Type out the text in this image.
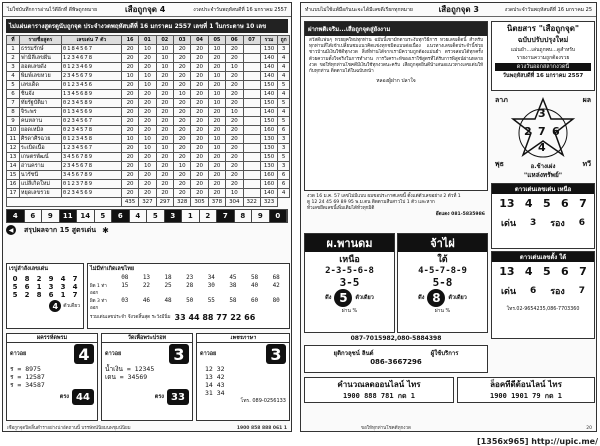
ไม่ใช่บันทึกการอ่านไว้ดีอีกที่ ดีพิษถูกหมาย	เสือถูกจุด 4	งวดประจำวันพฤหัสบดีที่ 16 มกราคม 2557
ไม่แผ่นตารางสูตรดูนับถูกจุด ประจำงวดพฤหัสบดีที่ 16 มกราคม 2557 เลขที่ 1 ในกระดาษ 10 เลข
ที่	รายชื่อสูตร	เลขเด่น 7 ตัว	16	01	02	03	04	05	06	07	รวม	ถูก
1	ธรรมรักษ์	0184567	20	10	10	20	20	10	20		130	3
2	ฟามิลี่เลขฝัน	1234678	20	20	10	20	20	20	20		140	4
3	ฮอตเลขดัง	0123469	20	20	10	20	20	20	10		140	4
4	พิมพ์เลขหวย	2345679	10	10	20	20	20	10	20		140	4
5	เลขเด็ด	0123456	20	10	20	20	20	20	20		150	5
6	ชินจัง	1345689	20	20	20	10	20	10	20		140	4
7	ทัยรัฐบัติมา	0234589	20	20	20	20	20	10	20		150	5
8	จิระพร	0134569	20	20	20	20	20	20	10		140	4
9	คนหลาน	0234567	20	20	20	20	20	20	20		150	5
10	ยอดเหมิล	0234578	20	20	20	20	20	20	20		160	6
11	ศิรดาศิรฉวย	0123458	10	10	20	20	20	10	20		130	3
12	ระเบิดเนื้อ	1234567	20	10	10	20	20	10	20		130	3
13	เกษตรพัฒน์	3456789	20	20	20	20	20	20	20		150	5
14	อ่านคราม	2345678	20	10	20	10	20	20	20		130	3
15	นวรัชนี	3456789	20	20	20	20	20	20	20		160	6
16	แปลีเกิดใหม่	0123789	20	20	20	20	20	20	20		160	6
17	หยุดเลขรวย	0234569	20	20	20	20	20	20	10		140	4
			435	327	297	328	305	378	304	322	323	
4	6	9	11	14	5	6	4	5	3	1	2	7	8	9	0
◀	สรุปผลจาก 15 สูตรเด่น ✱
เรปูลำลังเลขเด่น
0	8	2	9	4	7
5	6	1	3	3	4
5	2	8	6	1	7
4	ตัวเดียว
ไม่มีท่าเกิดเลขไทย
08	13	18	23	34	45	58	68
ผิด 1 ท่าออก
15	22	25	28	30	38	40	42
ผิด 3 ท่าออก
03	46	48	50	55	58	60	80
รวมเด่นเลขประจำ จีงวดสิ้นสุด ระวังมีนิ่ม 33 44 88 77 22 66
ผครรห์ดพรม
ดาวอย	4
ร = 8975
ร = 12587
ร = 34587
ตรง 44
วัดเพื่อพระปรอท
ดาวอย	3
น้ำเงิน = 12345
เดน = 34569
ตรง 33
เพชรภาษา
ดาวอย	3
12 32
13 42
14 43
31 34
โทร. 089-0256133
เซือกูกจุดปิดลิ้นตำราอย่างน่าอัตถานนี้ บรรษัทน์นิยมนพชุมน์นิยม	1900 858 888 061 1
ทำแบบไม่ใช้แพ้มือกันนะจะได้มีเลขดีเรียกทุกหมาย	เสือถูกจุด 3	งวดประจำวันพฤหัสบดีที่ 16 มกราคม 25
ฝากพดิเจริม...เสือถูกจุดสู่ยังงาม
สวัสดีแฟนๆ หวยยุคใหม่ทุกท่าน ฉบับนี้เขามักตามระงับทุกวิธีการ หวยเลขเด็ดนี้ สำหรับทุกท่านที่ได้เข้าเปลี่ยนชมแนวคิดแข่งทุกชมิดแบบต่อเนื่อง แนวทางเลขเด็ดประจำนี้ช่วยชาวบ้านมีเงินใช้ดีทุกงวด สิ่งที่ท่านได้จากเรามีความถูกต้องแม่นยำ ตรวจสอบได้ทุกครั้ง ด้วยความตั้งใจจริงในการทำงาน การวิเคราะห์ของเราใช้สูตรที่ได้รับการพิสูจน์ผ่านหลายงวด ขอให้ทุกท่านโชคดีมีเงินใช้ทุกงวดนะครับ เสือถูกจุดยินดีนำเสนอแนวทางเลขเด่นให้กับทุกท่าน ติดตามได้ในฉบับหน้า
หลองผู้ฝาก ปลาใจ
งวด 16 ม.ค. 57 เลขไม่มีแบบ ผมขอประกาศเลขนี้ ตั้งแต่ตัวเลขอย่าง 2 ตัวที่ 1
ดู 12 24 45 69 89 95 พ.ม.ดน ติดตามสืบสาวไป 1 ตัว และหาก
ทั่วเลขยึดเลขนี้เพิ่มเติมได้ทั่วทุกมิติ
อ๊ดแดง 081-5835986
ผ.พานดม
เหนือ
2-3-5-6-8
3-5
ดึง 5	ตัวเดียว
ผ่าน %
จ้าไผ่
ใต้
4-5-7-8-9
5-8
ดึง 8	ตัวเดียว
ผ่าน %
087-7015982,080-5884398
ยุติกวลุชน์ ลินด์	ผู้ใช้บริการ
086-3667296
นิตยสาร "เสือถูกจุด"
ฉบับปรับปรุงใหม่
แม่นยำ...เล่นถูกพบ...ดูสำหรับ
รายงานความถูกต้องรวย
ดวงวันออกสลากงวดนี้
วันพฤหัสบดีที่ 16 มกราคม 2557
ลาภ	ผล
พุธ	ทวี
3
2 7 6
4
อ.ช้างเผ่ง
"แหล่งทรัพย์"
ดาวเด่นเลขเด่น เหนือ
13 4 5 6 7
เด่น 3 รอง 6
ดาวเด่นเลขตั้ง ใต้
13 4 5 6 7
เด่น 6 รอง 7
โทร.02-9654235,086-7703360
คำนวณลดออนไลน์ ไทร
1900 888 781 กด 1
ล็อคทีดีต้อนไลน์ ไทร
1900 1901 79 กด 1
ขอให้ทุกท่านโชคดีทุกงวด	20
[1356x965] http://upic.me/
